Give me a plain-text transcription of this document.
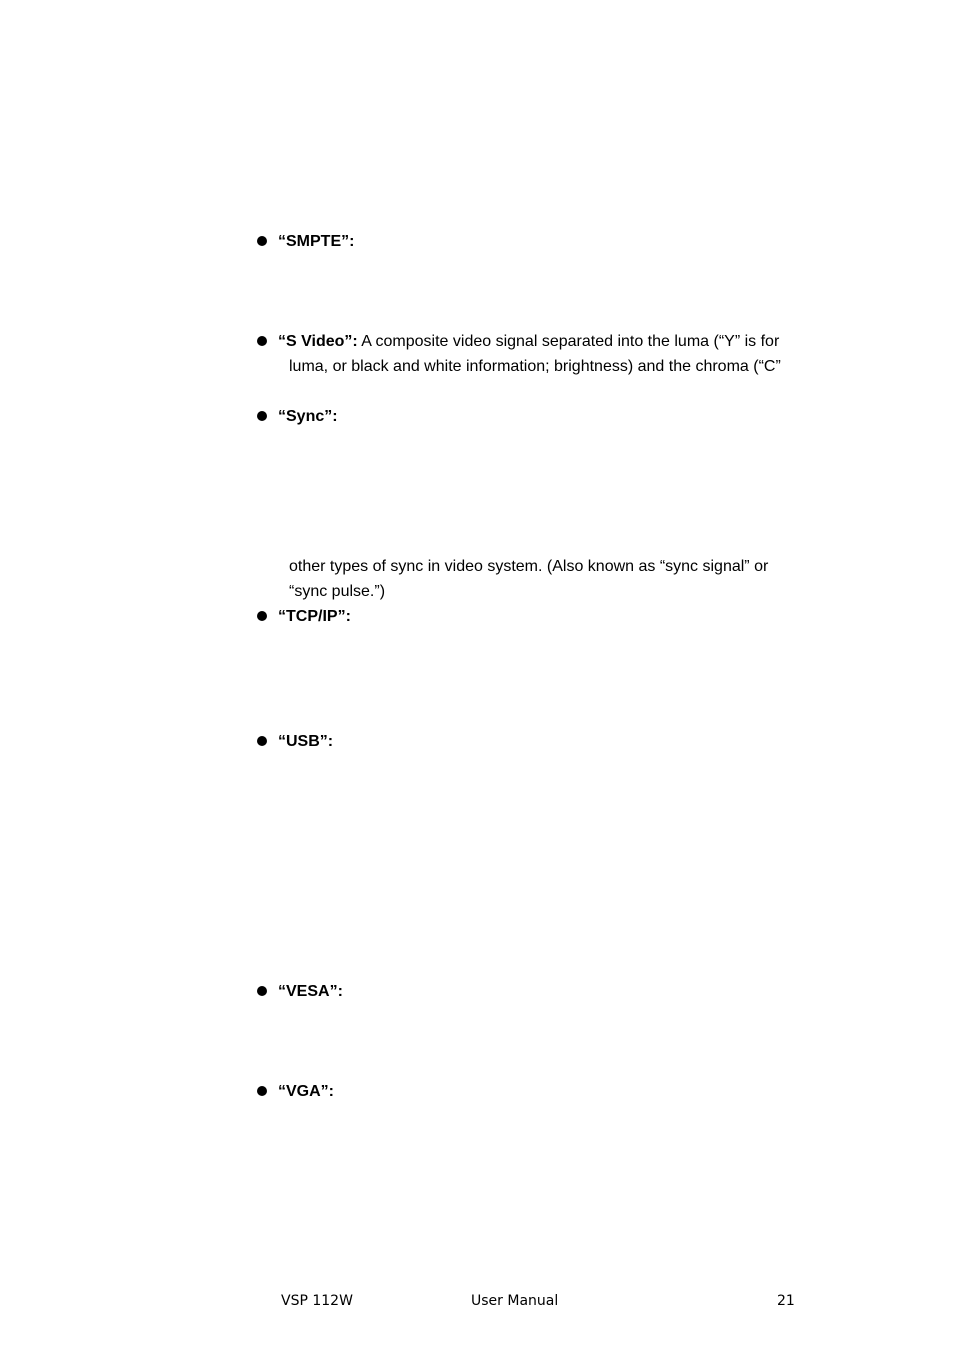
“SMPTE”:
“S Video”: A composite video signal separated into the luma (“Y” is for
luma, or black and white information; brightness) and the chroma (“C”
“Sync”:
other types of sync in video system. (Also known as “sync signal” or
“sync pulse.”)
“TCP/IP”:
“USB”:
“VESA”:
“VGA”:
VSP 112W	User Manual	21
